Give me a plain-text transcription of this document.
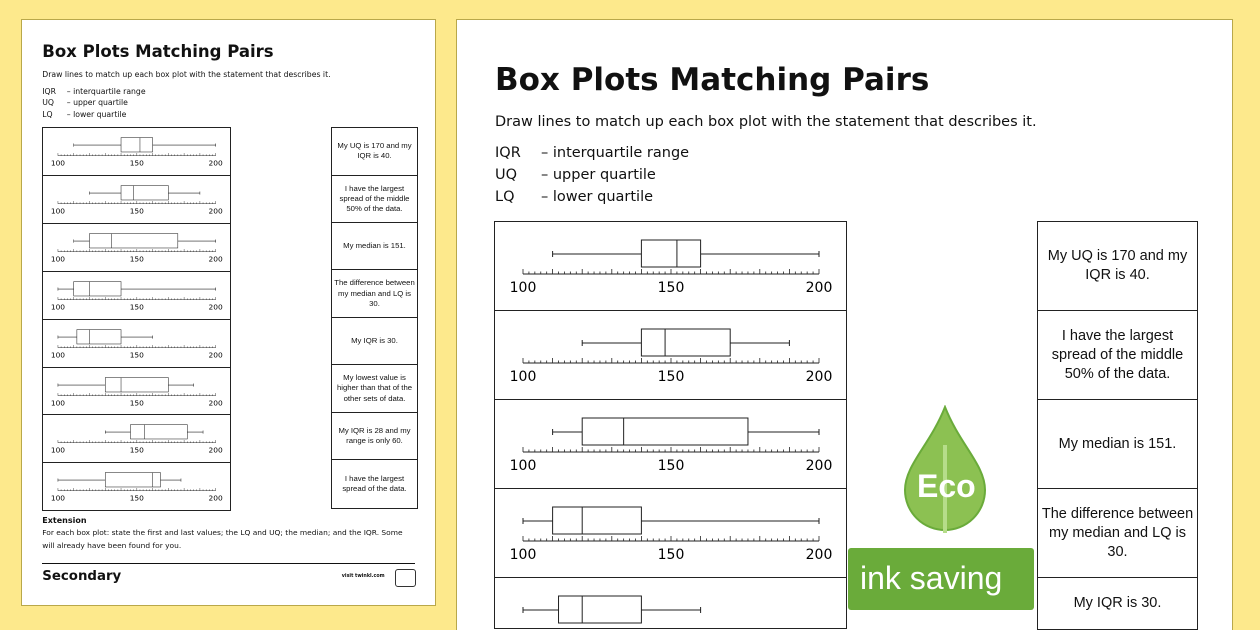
Box Plots Matching Pairs
Draw lines to match up each box plot with the statement that describes it.
IQR – interquartile range
UQ – upper quartile
LQ – lower quartile
100	150	200
100	150	200
100	150	200
100	150	200
100	150	200
100	150	200
100	150	200
100	150	200
My UQ is 170 and my IQR is 40.
I have the largest spread of the middle 50% of the data.
My median is 151.
The difference between my median and LQ is 30.
My IQR is 30.
My lowest value is higher than that of the other sets of data.
My IQR is 28 and my range is only 60.
I have the largest spread of the data.
Extension
For each box plot: state the first and last values; the LQ and UQ; the median; and the IQR. Some will already have been found for you.
Secondary	visit twinkl.com
Box Plots Matching Pairs
Draw lines to match up each box plot with the statement that describes it.
IQR – interquartile range
UQ – upper quartile
LQ – lower quartile
100	150	200
100	150	200
100	150	200
100	150	200
My UQ is 170 and my IQR is 40.
I have the largest spread of the middle 50% of the data.
My median is 151.
The difference between my median and LQ is 30.
My IQR is 30.
Eco
ink saving
